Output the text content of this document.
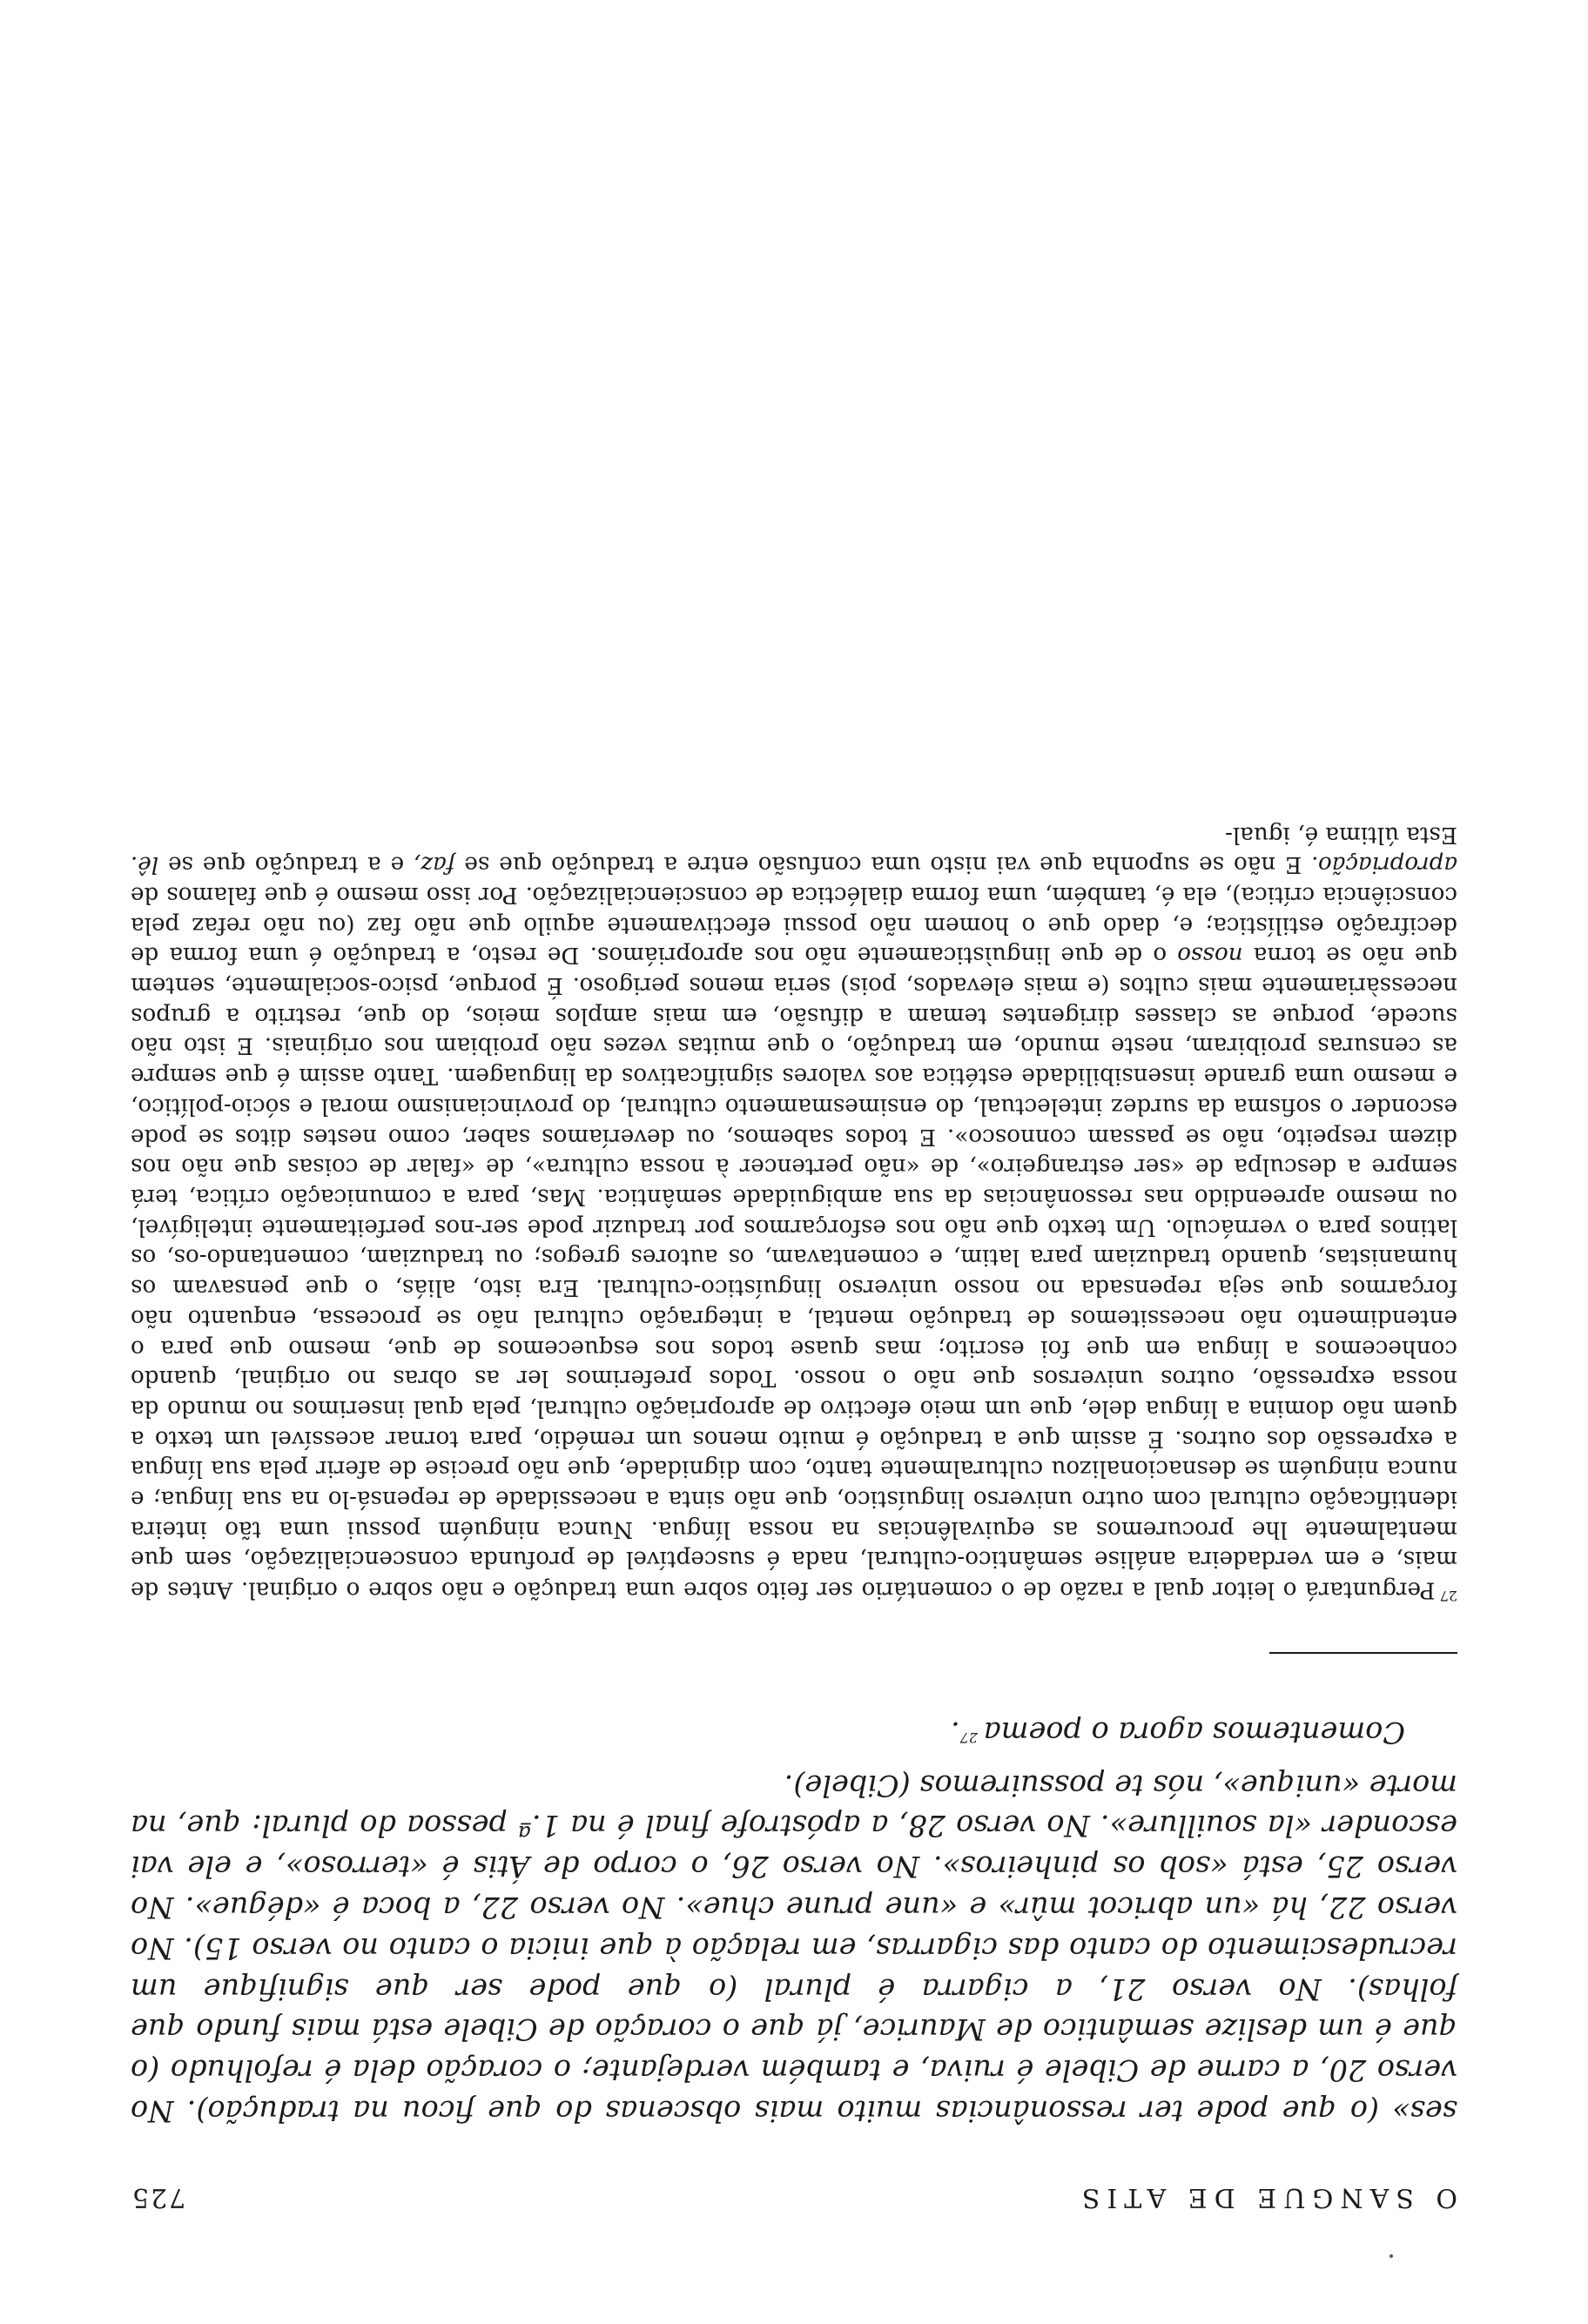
O SANGUE DE ATIS
725

ses» (o que pode ter ressonâncias muito mais obscenas do que ficou na tradução). No verso 20, a carne de Cibele é ruiva, e também verdejante; o coração dela é refolhudo (o que é um deslize semântico de Maurice, já que o coração de Cibele está mais fundo que folhas). No verso 21, a cigarra é plural (o que pode ser que signifique um recrudescimento do canto das cigarras, em relação à que inicia o canto no verso 15). No verso 22, há «un abricot mûr» e «une prune chue». No verso 22, a boca é «dégue». No verso 25, está «sob os pinheiros». No verso 26, o corpo de Átis é «terroso», e ele vai esconder «la souillure». No verso 28, a apóstrofe final é na 1.ª pessoa do plural: que, na morte «unique», nós te possuiremos (Cibele).

Comentemos agora o poema $^{27}$.

$^{27}$ Perguntará o leitor qual a razão de o comentário ser feito sobre uma tradução e não sobre o original. Antes de mais, e em verdadeira análise semântico-cultural, nada é susceptível de profunda conscencialização, sem que mentalmente lhe procuremos as equivalências na nossa língua. Nunca ninguém possui uma tão inteira identificação cultural com outro universo linguístico, que não sinta a necessidade de repensá-lo na sua língua; e nunca ninguém se desnacionalizou culturalmente tanto, com dignidade, que não precise de aferir pela sua língua a expressão dos outros. É assim que a tradução é muito menos um remédio, para tornar acessível um texto a quem não domina a língua dele, que um meio efectivo de apropriação cultural, pela qual inserimos no mundo da nossa expressão, outros universos que não o nosso. Todos preferimos ler as obras no original, quando conhecemos a língua em que foi escrito; mas quase todos nos esquecemos de que, mesmo que para o entendimento não necessitemos de tradução mental, a integração cultural não se processa, enquanto não forçarmos que seja repensada no nosso universo linguístico-cultural. Era isto, aliás, o que pensavam os humanistas, quando traduziam para latim, e comentavam, os autores gregos; ou traduziam, comentando-os, os latinos para o vernáculo. Um texto que não nos esforçarmos por traduzir pode ser-nos perfeitamente inteligível, ou mesmo apreendido nas ressonâncias da sua ambiguidade semântica. Mas, para a comunicação crítica, terá sempre a desculpa de «ser estrangeiro», de «não pertencer à nossa cultura», de «falar de coisas que não nos dizem respeito, não se passam connosco». E todos sabemos, ou deveríamos saber, como nestes ditos se pode esconder o sofisma da surdez intelectual, do ensimesmamento cultural, do provincianismo moral e sócio-político, e mesmo uma grande insensibilidade estética aos valores significativos da linguagem. Tanto assim é que sempre as censuras proibiram, neste mundo, em tradução, o que muitas vezes não proibiam nos originais. E isto não sucede, porque as classes dirigentes temam a difusão, em mais amplos meios, do que, restrito a grupos necessàriamente mais cultos (e mais elevados, pois) seria menos perigoso. É porque, psico-socialmente, sentem que não se torna nosso o de que linguìsticamente não nos apropriámos. De resto, a tradução é uma forma de decifração estilística; e, dado que o homem não possui efectivamente aquilo que não faz (ou não refaz pela consciência crítica), ela é, também, uma forma dialéctica de consciencialização. Por isso mesmo é que falamos de apropriação. E não se suponha que vai nisto uma confusão entre a tradução que se faz, e a tradução que se lê. Esta última é, igual-
